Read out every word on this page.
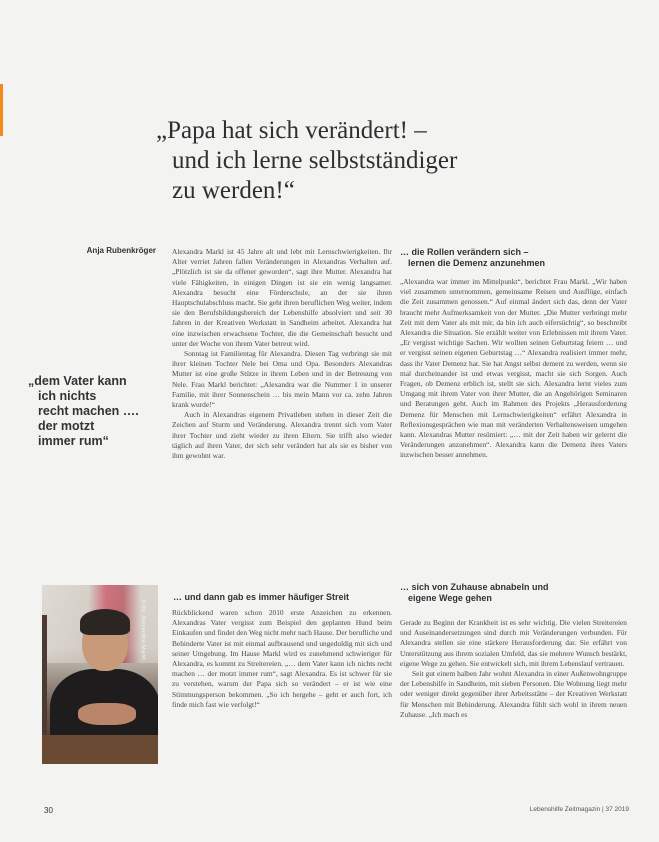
„Papa hat sich verändert! –
und ich lerne selbstständiger
zu werden!“
Anja Rubenkröger
„dem Vater kann
ich nichts
recht machen ….
der motzt
immer rum“

Alexandra Markl ist 45 Jahre alt und lebt mit Lernschwierigkeiten. Ihr Alter verriet Jahren fallen Veränderungen in Alexandras Verhalten auf. „Plötzlich ist sie da offener geworden“, sagt ihre Mutter. Alexandra hat viele Fähigkeiten, in einigen Dingen ist sie ein wenig langsamer. Alexandra besucht eine Förderschule, an der sie ihren Hauptschulabschluss macht. Sie geht ihren beruflichen Weg weiter, indem sie den Berufsbildungsbereich der Lebenshilfe absolviert und seit 30 Jahren in der Kreativen Werkstatt in Sandheim arbeitet. Alexandra hat eine inzwischen erwachsene Tochter, die die Gemeinschaft besucht und unter der Woche von ihrem Vater betreut wird.

Sonntag ist Familientag für Alexandra. Diesen Tag verbringt sie mit ihrer kleinen Tochter Nele bei Oma und Opa. Besonders Alexandras Mutter ist eine große Stütze in ihrem Leben und in der Betreuung von Nele. Frau Markl berichtet: „Alexandra war die Nummer 1 in unserer Familie, mit ihrer Sonnenschein … bis mein Mann vor ca. zehn Jahren krank wurde!“

Auch in Alexandras eigenem Privatleben stehen in dieser Zeit die Zeichen auf Sturm und Veränderung. Alexandra trennt sich vom Vater ihrer Tochter und zieht wieder zu ihren Eltern. Sie trifft also wieder täglich auf ihren Vater, der sich sehr verändert hat als sie es bisher von ihm gewohnt war.

… die Rollen verändern sich –
lernen die Demenz anzunehmen

„Alexandra war immer im Mittelpunkt“, berichtet Frau Markl. „Wir haben viel zusammen unternommen, gemeinsame Reisen und Ausflüge, einfach die Zeit zusammen genossen.“ Auf einmal ändert sich das, denn der Vater braucht mehr Aufmerksamkeit von der Mutter. „Die Mutter verbringt mehr Zeit mit dem Vater als mit mir, da bin ich auch eifersüchtig“, so beschreibt Alexandra die Situation. Sie erzählt weiter von Erlebnissen mit ihrem Vater. „Er vergisst wichtige Sachen. Wir wollten seinen Geburtstag feiern … und er vergisst seinen eigenen Geburtstag …“ Alexandra realisiert immer mehr, dass ihr Vater Demenz hat. Sie hat Angst selbst dement zu werden, wenn sie mal durcheinander ist und etwas vergisst, macht sie sich Sorgen. Auch Fragen, ob Demenz erblich ist, stellt sie sich. Alexandra lernt vieles zum Umgang mit ihrem Vater von ihrer Mutter, die an Angehörigen Seminaren und Beratungen geht. Auch im Rahmen des Projekts „Herausforderung Demenz für Menschen mit Lernschwierigkeiten“ erfährt Alexandra in Reflexionsgesprächen wie man mit veränderten Verhaltensweisen umgehen kann. Alexandras Mutter resümiert: „… mit der Zeit haben wir gelernt die Veränderungen anzunehmen“. Alexandra kann die Demenz ihres Vaters inzwischen besser annehmen.

… und dann gab es immer häufiger Streit

Rückblickend waren schon 2010 erste Anzeichen zu erkennen. Alexandras Vater vergisst zum Beispiel den geplanten Hund beim Einkaufen und findet den Weg nicht mehr nach Hause. Der berufliche und Behinderte Vater ist mit einmal aufbrausend und ungeduldig mit sich und seiner Umgebung. Im Hause Markl wird es zunehmend schwieriger für Alexandra, es kommt zu Streitereien. „… dem Vater kann ich nichts recht machen … der motzt immer rum“, sagt Alexandra. Es ist schwer für sie zu verstehen, warum der Papa sich so verändert – er ist wie eine Stimmungsperson bekommen. „So ich hergehe – geht er auch fort, ich finde mich fast wie verfolgt!“

… sich von Zuhause abnabeln und
eigene Wege gehen

Gerade zu Beginn der Krankheit ist es sehr wichtig. Die vielen Streitereien und Auseinandersetzungen sind durch mit Veränderungen verbunden. Für Alexandra stellen sie eine stärkere Herausforderung dar. Sie erfährt von Unterstützung aus ihrem sozialen Umfeld, das sie mehrere Wunsch bestärkt, eigene Wege zu gehen. Sie entwickelt sich, mit ihrem Lebenslauf vertrauen.

Seit gut einem halben Jahr wohnt Alexandra in einer Außenwohngruppe der Lebenshilfe in Sandheim, mit sieben Personen. Die Wohnung liegt mehr oder weniger direkt gegenüber ihrer Arbeitsstätte – der Kreativen Werkstatt für Menschen mit Behinderung. Alexandra fühlt sich wohl in ihrem neuen Zuhause. „Ich mach es

Foto: Alexandra Markl
30	Lebenshilfe Zeitmagazin | 37 2019
